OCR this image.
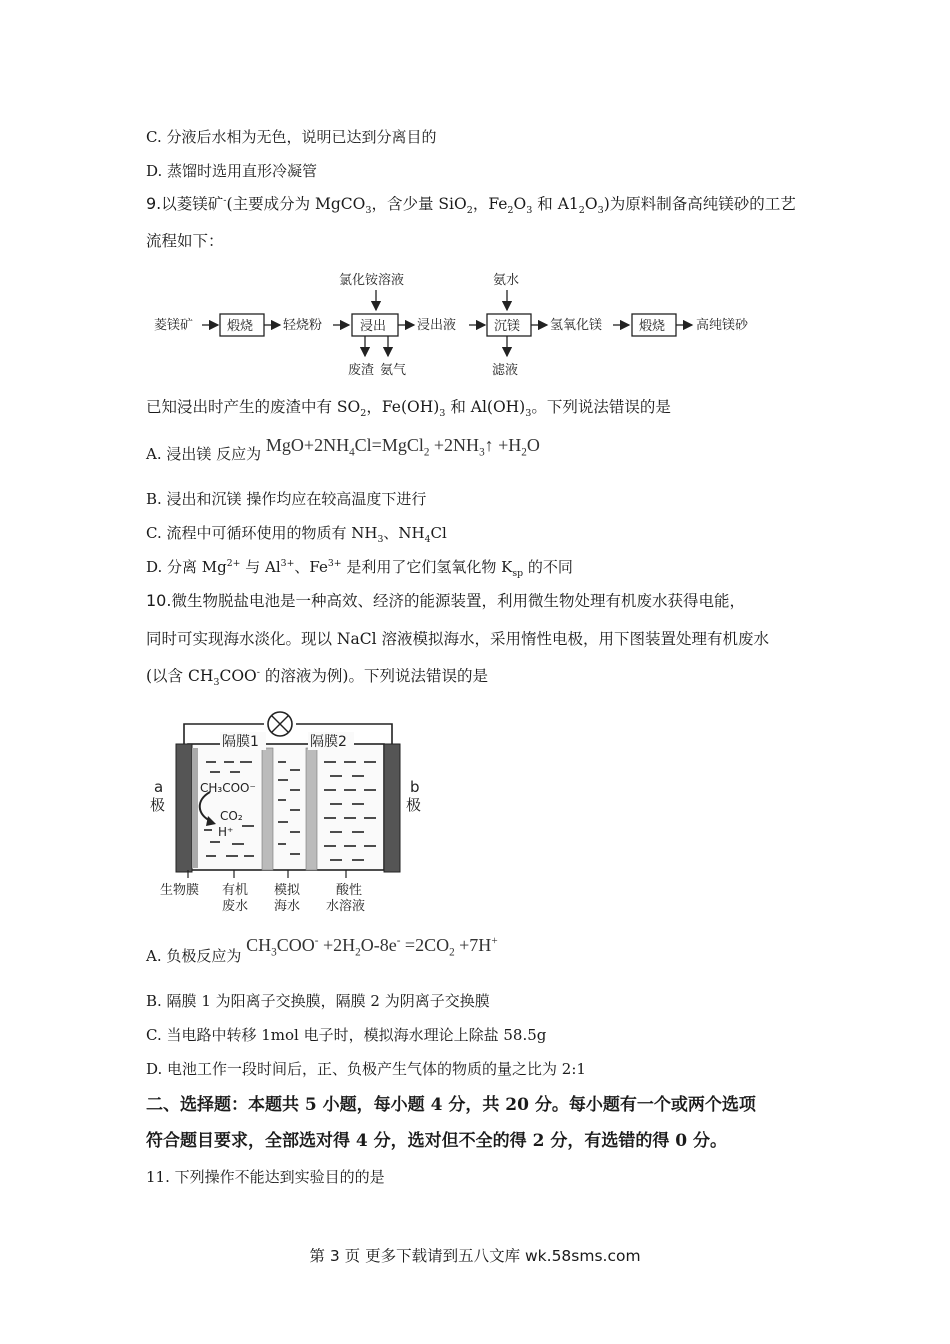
C. 分液后水相为无色，说明已达到分离目的
D. 蒸馏时选用直形冷凝管
9.以菱镁矿-(主要成分为 MgCO$_3$，含少量 SiO$_2$，$Fe_2O_3$ 和 $A1_2O_3$)为原料制备高纯镁砂的工艺
流程如下：
菱镁矿	煅烧 轻烧粉
氯化铵溶液
浸出
废渣 氨气
浸出液
氨水
沉镁
滤液
氢氧化镁	煅烧 高纯镁砂
已知浸出时产生的废渣中有 $SO_2$，$Fe(OH)_3$ 和 $Al(OH)_3$。下列说法错误的是
A. 浸出镁 反应为 $MgO+2NH_4Cl=MgCl_2$ $+2NH_3↑ +H_2O$
B. 浸出和沉镁 操作均应在较高温度下进行
C. 流程中可循环使用的物质有 $NH_3$、$NH_4Cl$
D. 分离 $Mg^{2+}$ 与 $Al^{3+}$、$Fe^{3+}$ 是利用了它们氢氧化物 $K_{sp}$ 的不同
10.微生物脱盐电池是一种高效、经济的能源装置，利用微生物处理有机废水获得电能，
同时可实现海水淡化。现以 NaCl 溶液模拟海水，采用惰性电极，用下图装置处理有机废水
(以含 $CH_3COO^-$ 的溶液为例)。下列说法错误的是
CH₃COO⁻
CO₂
H⁺
隔膜1	隔膜2
a
极
b
极
生物膜 有机
废水
模拟
海水
酸性
水溶液
A. 负极反应为 $CH_3COO^- +2H_2O-8e^- =2CO_2 +7H^+$
B. 隔膜 1 为阳离子交换膜，隔膜 2 为阴离子交换膜
C. 当电路中转移 1mol 电子时，模拟海水理论上除盐 58.5g
D. 电池工作一段时间后，正、负极产生气体的物质的量之比为 2:1
二、选择题：本题共 5 小题，每小题 4 分，共 20 分。每小题有一个或两个选项
符合题目要求，全部选对得 4 分，选对但不全的得 2 分，有选错的得 0 分。
11. 下列操作不能达到实验目的的是
第 3 页 更多下载请到五八文库 wk.58sms.com
